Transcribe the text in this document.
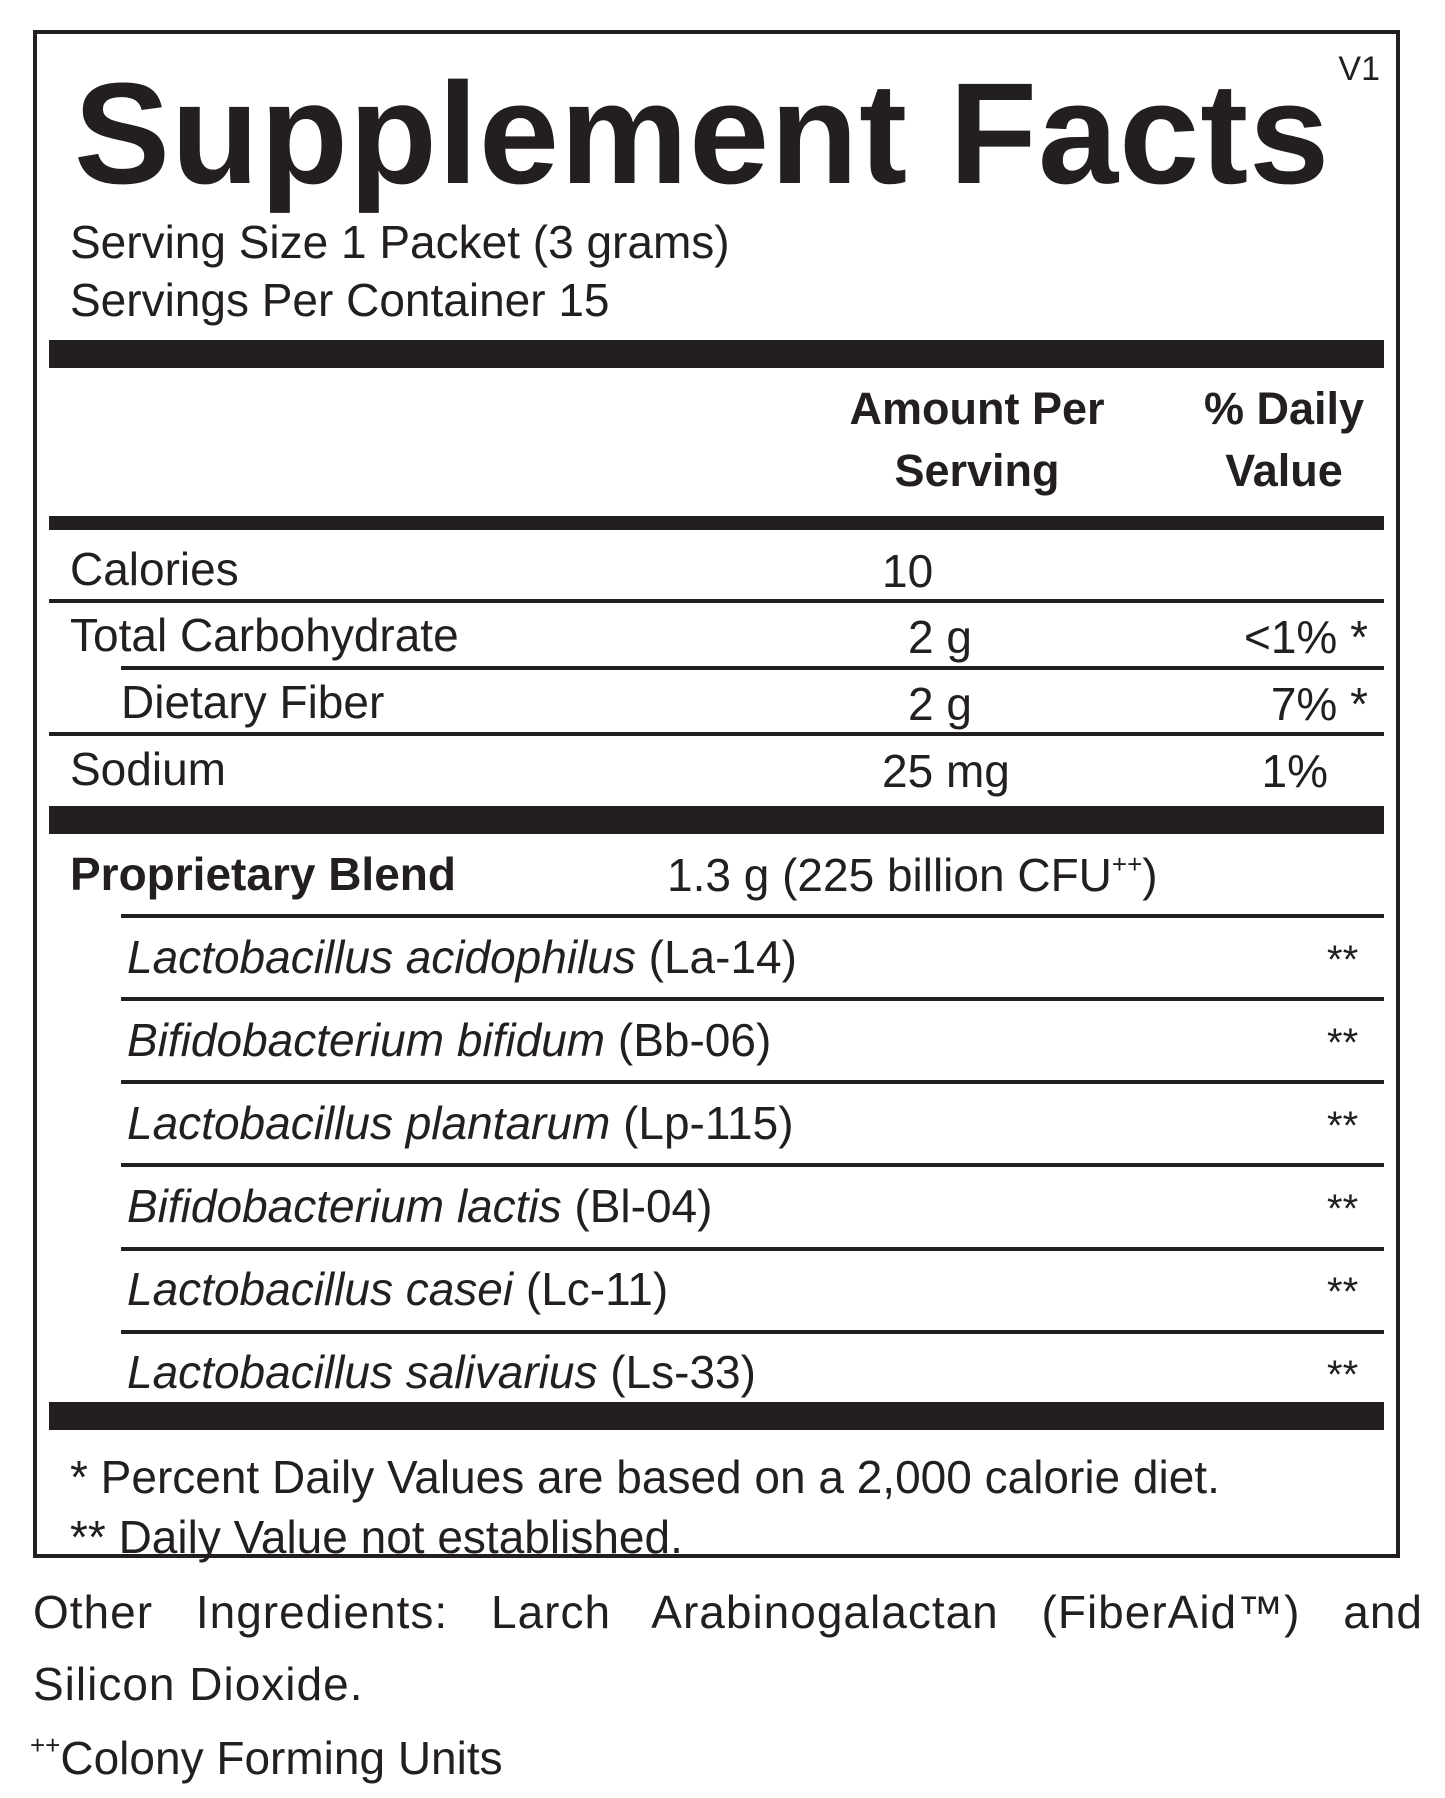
Supplement Facts V1
Serving Size 1 Packet (3 grams)
Servings Per Container 15
Amount Per
Serving
% Daily
Value
Calories	10
Total Carbohydrate	2 g	<1% *
Dietary Fiber	2 g	7% *
Sodium	25 mg	1%
Proprietary Blend	1.3 g (225 billion CFU++)
Lactobacillus acidophilus (La-14)	**
Bifidobacterium bifidum (Bb-06)	**
Lactobacillus plantarum (Lp-115)	**
Bifidobacterium lactis (Bl-04)	**
Lactobacillus casei (Lc-11)	**
Lactobacillus salivarius (Ls-33)	**
* Percent Daily Values are based on a 2,000 calorie diet.
** Daily Value not established.
Other Ingredients: Larch Arabinogalactan (FiberAid™) and Silicon Dioxide.
++Colony Forming Units
